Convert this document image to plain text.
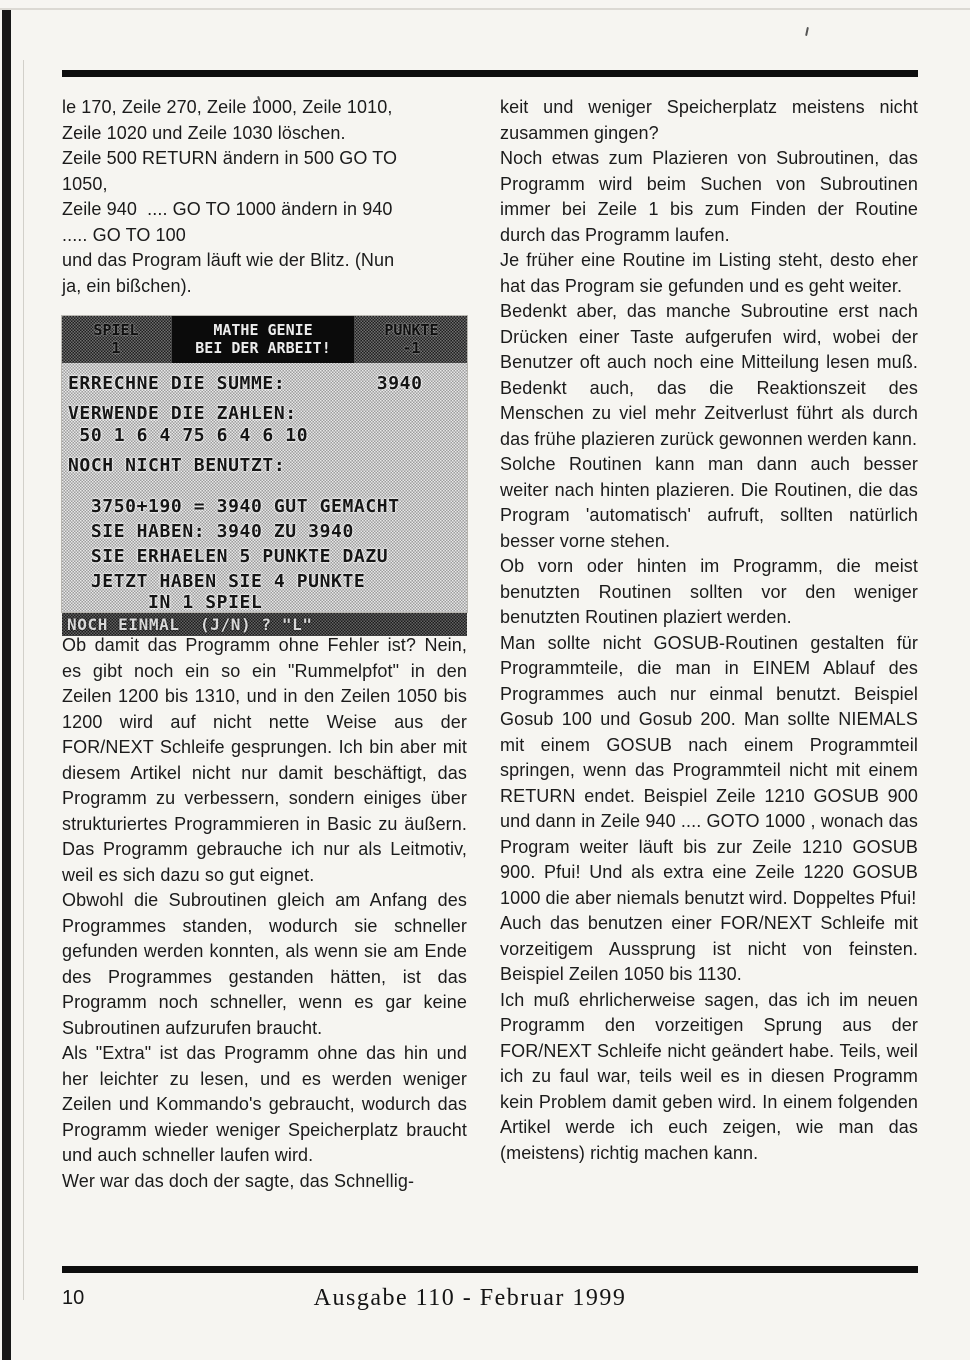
le 170, Zeile 270, Zeile 1000, Zeile 1010,
Zeile 1020 und Zeile 1030 löschen.
Zeile 500 RETURN ändern in 500 GO TO
1050,
Zeile 940  .... GO TO 1000 ändern in 940
..... GO TO 100
und das Program läuft wie der Blitz. (Nun
ja, ein bißchen).
SPIEL
1
MATHE GENIE
BEI DER ARBEIT!
PUNKTE
-1
ERRECHNE DIE SUMME:        3940
VERWENDE DIE ZAHLEN:
50 1 6 4 75 6 4 6 10
NOCH NICHT BENUTZT:
3750+190 = 3940 GUT GEMACHT
SIE HABEN: 3940 ZU 3940
SIE ERHAELEN 5 PUNKTE DAZU
JETZT HABEN SIE 4 PUNKTE
IN 1 SPIEL
NOCH EINMAL  (J/N) ? "L"

Ob damit das Programm ohne Fehler ist? Nein, es gibt noch ein so ein "Rummelpfot" in den Zeilen 1200 bis 1310, und in den Zeilen 1050 bis 1200 wird auf nicht nette Weise aus der FOR/NEXT Schleife gesprungen. Ich bin aber mit diesem Artikel nicht nur damit beschäftigt, das Programm zu verbessern, sondern einiges über strukturiertes Programmieren in Basic zu äußern. Das Programm gebrauche ich nur als Leitmotiv, weil es sich dazu so gut eignet.

Obwohl die Subroutinen gleich am Anfang des Programmes standen, wodurch sie schneller gefunden werden konnten, als wenn sie am Ende des Programmes gestanden hätten, ist das Programm noch schneller, wenn es gar keine Subroutinen aufzurufen braucht.

Als "Extra" ist das Programm ohne das hin und her leichter zu lesen, und es werden weniger Zeilen und Kommando's gebraucht, wodurch das Programm wieder weniger Speicherplatz braucht und auch schneller laufen wird.

Wer war das doch der sagte, das Schnellig-

keit und weniger Speicherplatz meistens nicht zusammen gingen?

Noch etwas zum Plazieren von Subroutinen, das Programm wird beim Suchen von Subroutinen immer bei Zeile 1 bis zum Finden der Routine durch das Programm laufen.

Je früher eine Routine im Listing steht, desto eher hat das Program sie gefunden und es geht weiter.

Bedenkt aber, das manche Subroutine erst nach Drücken einer Taste aufgerufen wird, wobei der Benutzer oft auch noch eine Mitteilung lesen muß. Bedenkt auch, das die Reaktionszeit des Menschen zu viel mehr Zeitverlust führt als durch das frühe plazieren zurück gewonnen werden kann.

Solche Routinen kann man dann auch besser weiter nach hinten plazieren. Die Routinen, die das Program 'automatisch' aufruft, sollten natürlich besser vorne stehen.

Ob vorn oder hinten im Programm, die meist benutzten Routinen sollten vor den weniger benutzten Routinen plaziert werden.

Man sollte nicht GOSUB-Routinen gestalten für Programmteile, die man in EINEM Ablauf des Programmes auch nur einmal benutzt. Beispiel Gosub 100 und Gosub 200. Man sollte NIEMALS mit einem GOSUB nach einem Programmteil springen, wenn das Programmteil nicht mit einem RETURN endet. Beispiel Zeile 1210 GOSUB 900 und dann in Zeile 940 .... GOTO 1000 , wonach das Program weiter läuft bis zur Zeile 1210 GOSUB 900. Pfui! Und als extra eine Zeile 1220 GOSUB 1000 die aber niemals benutzt wird. Doppeltes Pfui!

Auch das benutzen einer FOR/NEXT Schleife mit vorzeitigem Aussprung ist nicht von feinsten. Beispiel Zeilen 1050 bis 1130.

Ich muß ehrlicherweise sagen, das ich im neuen Programm den vorzeitigen Sprung aus der FOR/NEXT Schleife nicht geändert habe. Teils, weil ich zu faul war, teils weil es in diesen Programm kein Problem damit geben wird. In einem folgenden Artikel werde ich euch zeigen, wie man das (meistens) richtig machen kann.

10	Ausgabe 110 - Februar 1999
